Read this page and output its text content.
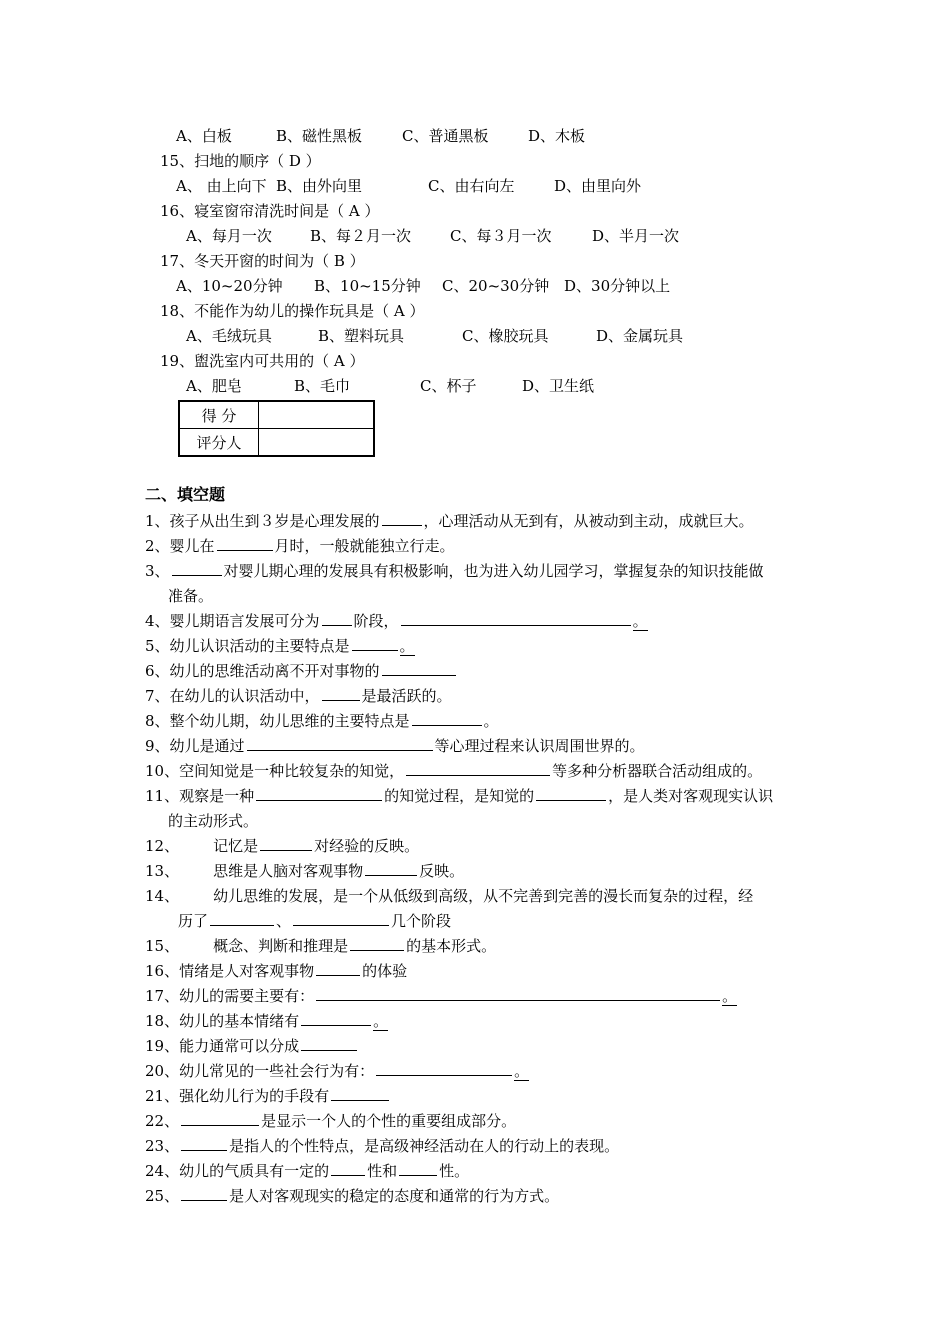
A、白板	B、磁性黑板	C、普通黑板	D、木板
15、扫地的顺序（ D ）
A、 由上向下 B、由外向里	C、由右向左	D、由里向外
16、寝室窗帘清洗时间是（ A ）
A、每月一次	B、每２月一次	C、每３月一次	D、半月一次
17、冬天开窗的时间为（ B ）
A、10~20分钟 B、10~15分钟 C、20~30分钟 D、30分钟以上
18、不能作为幼儿的操作玩具是（ A ）
A、毛绒玩具	B、塑料玩具	C、橡胶玩具	D、金属玩具
19、盥洗室内可共用的（ A ）
A、肥皂	B、毛巾	C、杯子	D、卫生纸
得 分	
评分人	
二、填空题
1、孩子从出生到３岁是心理发展的	，心理活动从无到有，从被动到主动，成就巨大。
2、婴儿在	月时，一般就能独立行走。
3、	对婴儿期心理的发展具有积极影响，也为进入幼儿园学习，掌握复杂的知识技能做
准备。
4、婴儿期语言发展可分为 阶段，	。
5、幼儿认识活动的主要特点是	。
6、幼儿的思维活动离不开对事物的
7、在幼儿的认识活动中，	是最活跃的。
8、整个幼儿期，幼儿思维的主要特点是	。
9、幼儿是通过	等心理过程来认识周围世界的。
10、空间知觉是一种比较复杂的知觉，	等多种分析器联合活动组成的。
11、观察是一种	的知觉过程，是知觉的	，是人类对客观现实认识
的主动形式。
12、 记忆是	对经验的反映。
13、 思维是人脑对客观事物	反映。
14、 幼儿思维的发展，是一个从低级到高级，从不完善到完善的漫长而复杂的过程，经
历了	、	几个阶段
15、 概念、判断和推理是	的基本形式。
16、情绪是人对客观事物	的体验
17、幼儿的需要主要有：	。
18、幼儿的基本情绪有	。
19、能力通常可以分成
20、幼儿常见的一些社会行为有：	。
21、强化幼儿行为的手段有
22、	是显示一个人的个性的重要组成部分。
23、	是指人的个性特点，是高级神经活动在人的行动上的表现。
24、幼儿的气质具有一定的	性和	性。
25、	是人对客观现实的稳定的态度和通常的行为方式。
